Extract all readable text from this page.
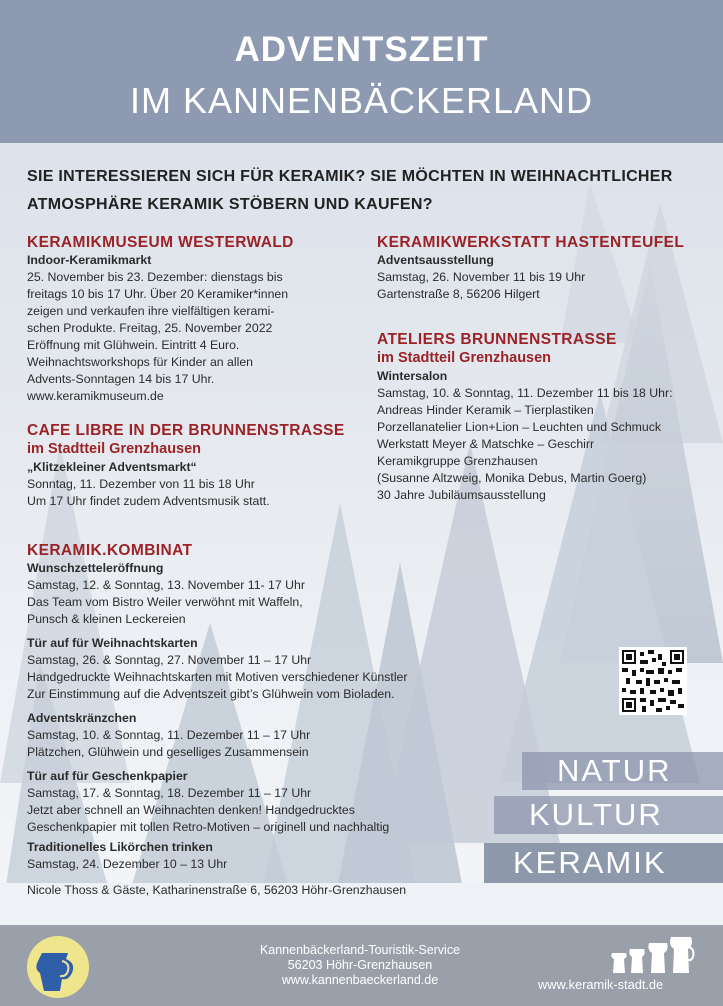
ADVENTSZEIT
IM KANNENBÄCKERLAND
SIE INTERESSIEREN SICH FÜR KERAMIK? SIE MÖCHTEN IN WEIHNACHTLICHER
ATMOSPHÄRE KERAMIK STÖBERN UND KAUFEN?
KERAMIKMUSEUM WESTERWALD
Indoor-Keramikmarkt
25. November bis 23. Dezember: dienstags bis
freitags 10 bis 17 Uhr. Über 20 Keramiker*innen
zeigen und verkaufen ihre vielfältigen kerami-
schen Produkte. Freitag, 25. November 2022
Eröffnung mit Glühwein. Eintritt 4 Euro.
Weihnachtsworkshops für Kinder an allen
Advents-Sonntagen 14 bis 17 Uhr.
www.keramikmuseum.de
CAFE LIBRE IN DER BRUNNENSTRASSE
im Stadtteil Grenzhausen
„Klitzekleiner Adventsmarkt“
Sonntag, 11. Dezember von 11 bis 18 Uhr
Um 17 Uhr findet zudem Adventsmusik statt.
KERAMIK.KOMBINAT
Wunschzetteleröffnung
Samstag, 12. & Sonntag, 13. November 11- 17 Uhr
Das Team vom Bistro Weiler verwöhnt mit Waffeln,
Punsch & kleinen Leckereien
Tür auf für Weihnachtskarten
Samstag, 26. & Sonntag, 27. November 11 – 17 Uhr
Handgedruckte Weihnachtskarten mit Motiven verschiedener Künstler
Zur Einstimmung auf die Adventszeit gibt’s Glühwein vom Bioladen.
Adventskränzchen
Samstag, 10. & Sonntag, 11. Dezember 11 – 17 Uhr
Plätzchen, Glühwein und geselliges Zusammensein
Tür auf für Geschenkpapier
Samstag, 17. & Sonntag, 18. Dezember 11 – 17 Uhr
Jetzt aber schnell an Weihnachten denken! Handgedrucktes
Geschenkpapier mit tollen Retro-Motiven – originell und nachhaltig
Traditionelles Likörchen trinken
Samstag, 24. Dezember 10 – 13 Uhr
Nicole Thoss & Gäste, Katharinenstraße 6, 56203 Höhr-Grenzhausen
KERAMIKWERKSTATT HASTENTEUFEL
Adventsausstellung
Samstag, 26. November 11 bis 19 Uhr
Gartenstraße 8, 56206 Hilgert
ATELIERS BRUNNENSTRASSE
im Stadtteil Grenzhausen
Wintersalon
Samstag, 10. & Sonntag, 11. Dezember 11 bis 18 Uhr:
Andreas Hinder Keramik – Tierplastiken
Porzellanatelier Lion+Lion – Leuchten und Schmuck
Werkstatt Meyer & Matschke – Geschirr
Keramikgruppe Grenzhausen
(Susanne Altzweig, Monika Debus, Martin Goerg)
30 Jahre Jubiläumsausstellung
NATUR
KULTUR
KERAMIK
Kannenbäckerland-Touristik-Service
56203 Höhr-Grenzhausen
www.kannenbaeckerland.de	www.keramik-stadt.de
